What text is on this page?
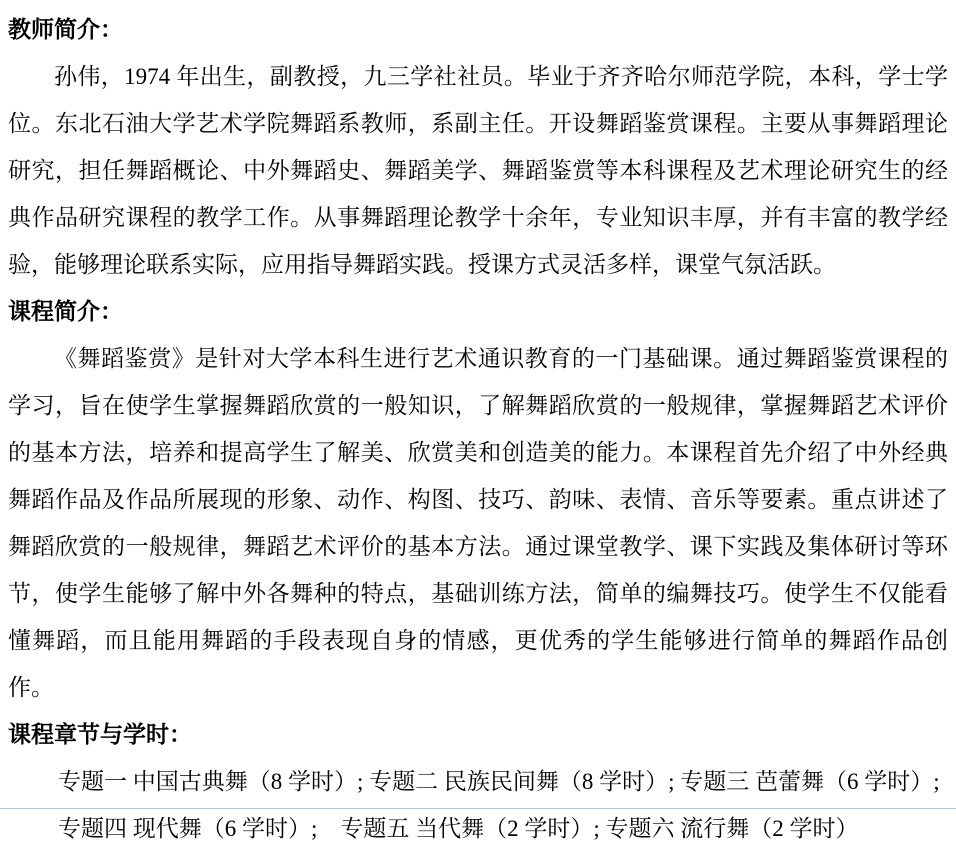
教师简介：

孙伟，1974 年出生，副教授，九三学社社员。毕业于齐齐哈尔师范学院，本科，学士学位。东北石油大学艺术学院舞蹈系教师，系副主任。开设舞蹈鉴赏课程。主要从事舞蹈理论研究，担任舞蹈概论、中外舞蹈史、舞蹈美学、舞蹈鉴赏等本科课程及艺术理论研究生的经典作品研究课程的教学工作。从事舞蹈理论教学十余年，专业知识丰厚，并有丰富的教学经验，能够理论联系实际，应用指导舞蹈实践。授课方式灵活多样，课堂气氛活跃。

课程简介：

《舞蹈鉴赏》是针对大学本科生进行艺术通识教育的一门基础课。通过舞蹈鉴赏课程的学习，旨在使学生掌握舞蹈欣赏的一般知识，了解舞蹈欣赏的一般规律，掌握舞蹈艺术评价的基本方法，培养和提高学生了解美、欣赏美和创造美的能力。本课程首先介绍了中外经典舞蹈作品及作品所展现的形象、动作、构图、技巧、韵味、表情、音乐等要素。重点讲述了舞蹈欣赏的一般规律，舞蹈艺术评价的基本方法。通过课堂教学、课下实践及集体研讨等环节，使学生能够了解中外各舞种的特点，基础训练方法，简单的编舞技巧。使学生不仅能看懂舞蹈，而且能用舞蹈的手段表现自身的情感，更优秀的学生能够进行简单的舞蹈作品创作。

课程章节与学时：

专题一 中国古典舞（8 学时）; 专题二 民族民间舞（8 学时）; 专题三 芭蕾舞（6 学时）;

专题四 现代舞（6 学时）;　专题五 当代舞（2 学时）; 专题六 流行舞（2 学时）
